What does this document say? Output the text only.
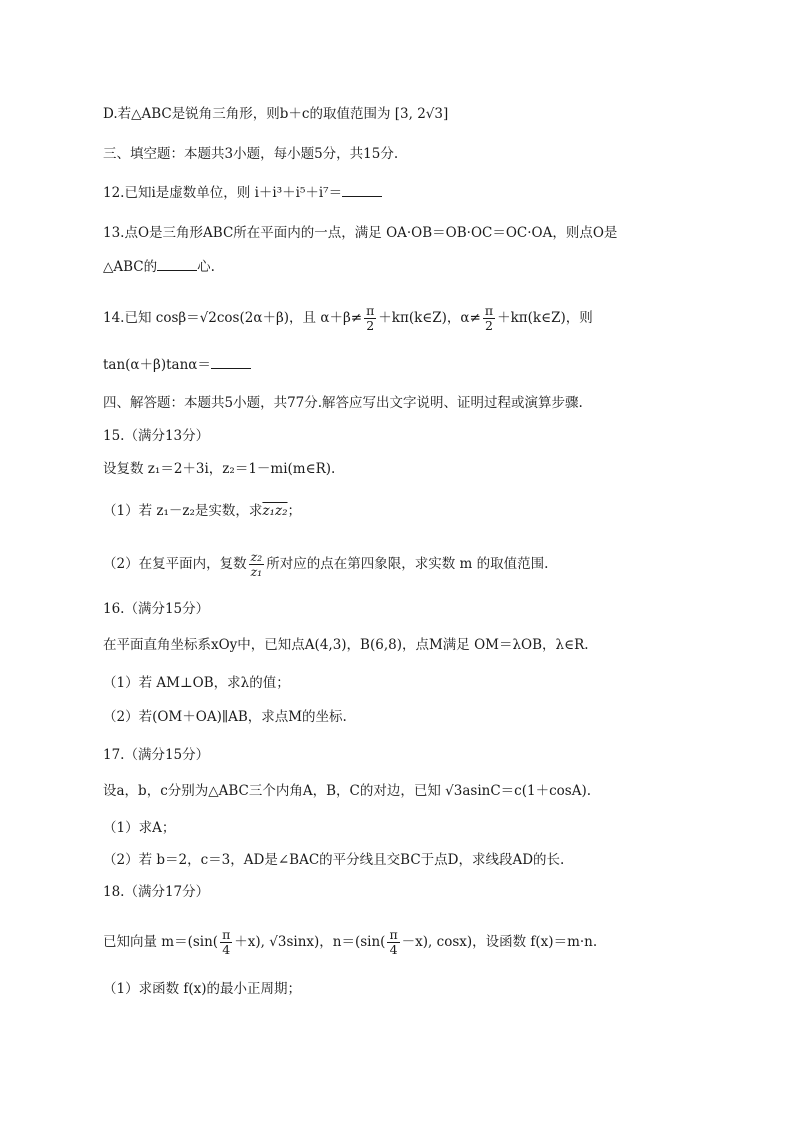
D.若△ABC是锐角三角形，则b＋c的取值范围为 [3, 2√3]
三、填空题：本题共3小题，每小题5分，共15分.
12.已知i是虚数单位，则 i＋i³＋i⁵＋i⁷＝
13.点O是三角形ABC所在平面内的一点，满足 OA·OB＝OB·OC＝OC·OA，则点O是
△ABC的	心.
14.已知 cosβ＝√2cos(2α＋β)，且 $\alpha+\beta\ne \frac{\pi}{2}$ ＋kπ(k∈Z)，$\alpha\ne \frac{\pi}{2}$ ＋kπ(k∈Z)，则
tan(α＋β)tanα＝
四、解答题：本题共5小题，共77分.解答应写出文字说明、证明过程或演算步骤.
15.（满分13分）
设复数 z₁＝2＋3i，z₂＝1－mi(m∈R).
（1）若 z₁－z₂是实数，求z₁z₂；
（2）在复平面内，复数 $\frac{\text{z₂}}{\text{z₁}}$ 所对应的点在第四象限，求实数 m 的取值范围.
16.（满分15分）
在平面直角坐标系xOy中，已知点A(4,3)，B(6,8)，点M满足 OM＝λOB，λ∈R.
（1）若 AM⊥OB，求λ的值；
（2）若(OM＋OA)∥AB，求点M的坐标.
17.（满分15分）
设a，b，c分别为△ABC三个内角A，B，C的对边，已知 √3asinC＝c(1＋cosA).
（1）求A；
（2）若 b＝2，c＝3，AD是∠BAC的平分线且交BC于点D，求线段AD的长.
18.（满分17分）
已知向量 $m=(\sin( \frac{\pi}{4} +x)$, √3sinx)，$n=(\sin( \frac{\pi}{4} -x)$, cosx)，设函数 f(x)＝m·n.
（1）求函数 f(x)的最小正周期；
